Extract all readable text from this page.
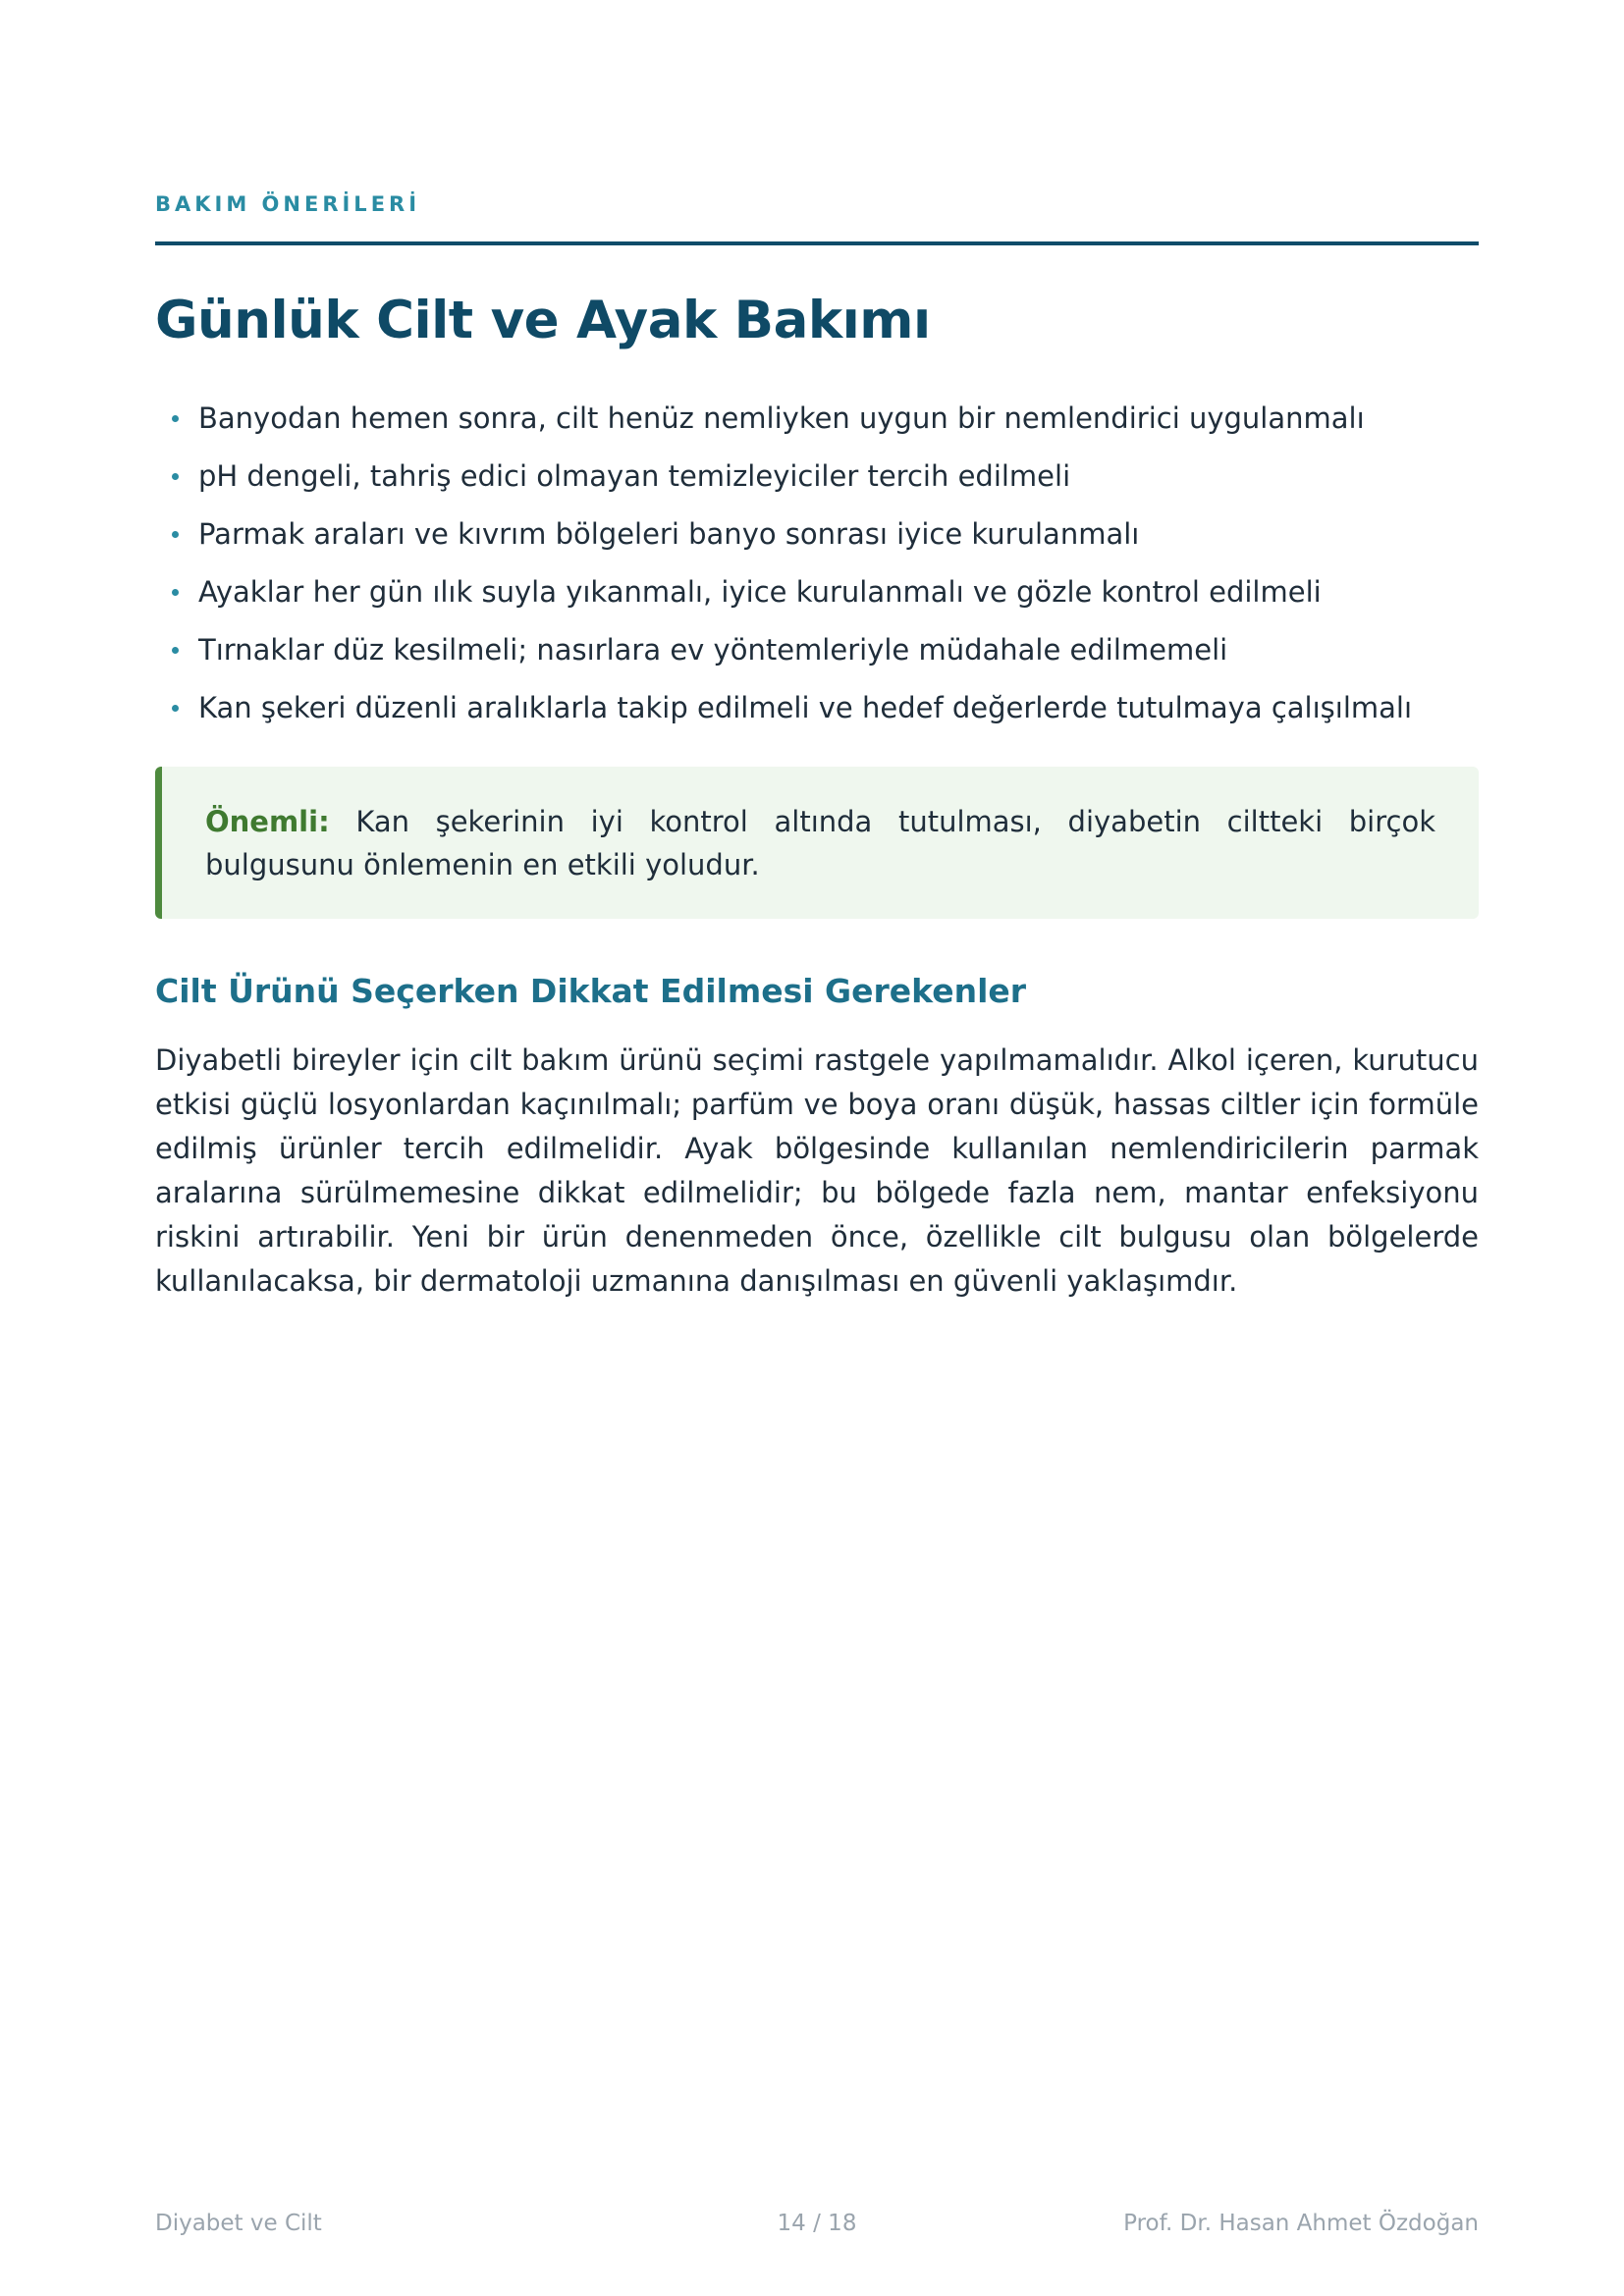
BAKIM ÖNERİLERİ
Günlük Cilt ve Ayak Bakımı
Banyodan hemen sonra, cilt henüz nemliyken uygun bir nemlendirici uygulanmalı
pH dengeli, tahriş edici olmayan temizleyiciler tercih edilmeli
Parmak araları ve kıvrım bölgeleri banyo sonrası iyice kurulanmalı
Ayaklar her gün ılık suyla yıkanmalı, iyice kurulanmalı ve gözle kontrol edilmeli
Tırnaklar düz kesilmeli; nasırlara ev yöntemleriyle müdahale edilmemeli
Kan şekeri düzenli aralıklarla takip edilmeli ve hedef değerlerde tutulmaya çalışılmalı
Önemli: Kan şekerinin iyi kontrol altında tutulması, diyabetin ciltteki birçok bulgusunu önlemenin en etkili yoludur.
Cilt Ürünü Seçerken Dikkat Edilmesi Gerekenler

Diyabetli bireyler için cilt bakım ürünü seçimi rastgele yapılmamalıdır. Alkol içeren, kurutucu etkisi güçlü losyonlardan kaçınılmalı; parfüm ve boya oranı düşük, hassas ciltler için formüle edilmiş ürünler tercih edilmelidir. Ayak bölgesinde kullanılan nemlendiricilerin parmak aralarına sürülmemesine dikkat edilmelidir; bu bölgede fazla nem, mantar enfeksiyonu riskini artırabilir. Yeni bir ürün denenmeden önce, özellikle cilt bulgusu olan bölgelerde kullanılacaksa, bir dermatoloji uzmanına danışılması en güvenli yaklaşımdır.

Diyabet ve Cilt	14 / 18	Prof. Dr. Hasan Ahmet Özdoğan
